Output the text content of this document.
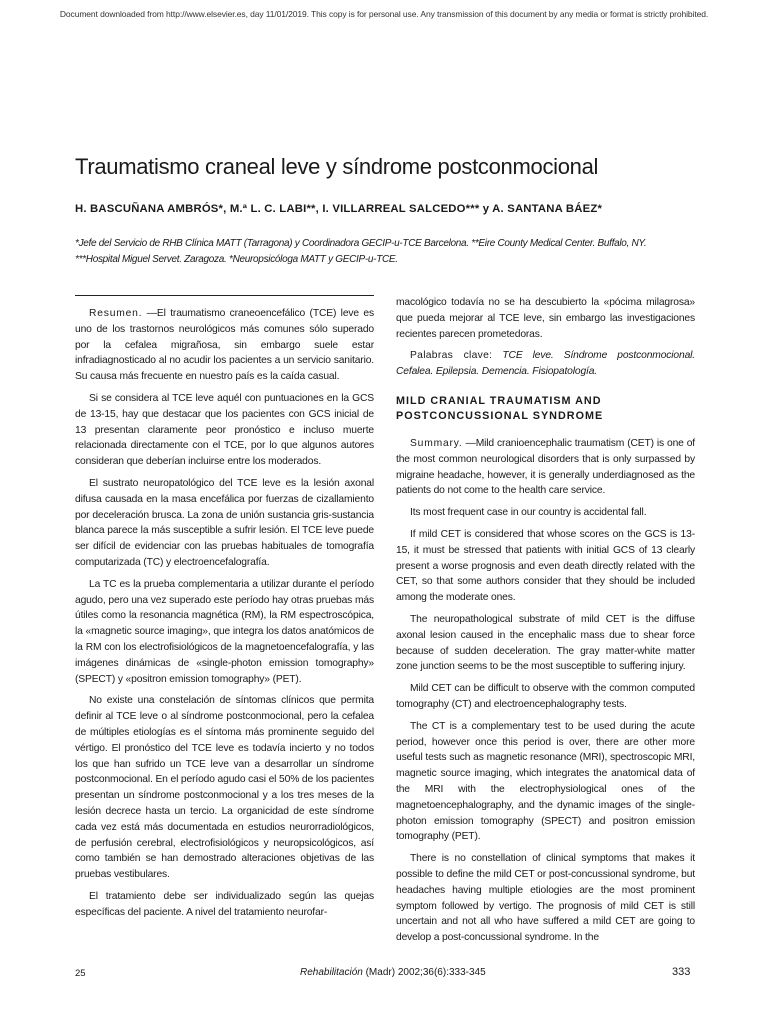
Document downloaded from http://www.elsevier.es, day 11/01/2019. This copy is for personal use. Any transmission of this document by any media or format is strictly prohibited.
Traumatismo craneal leve y síndrome postconmocional

H. BASCUÑANA AMBRÓS*, M.ª L. C. LABI**, I. VILLARREAL SALCEDO*** y A. SANTANA BÁEZ*

*Jefe del Servicio de RHB Clínica MATT (Tarragona) y Coordinadora GECIP-u-TCE Barcelona. **Eire County Medical Center. Buffalo, NY. ***Hospital Miguel Servet. Zaragoza. *Neuropsicóloga MATT y GECIP-u-TCE.

Resumen. —El traumatismo craneoencefálico (TCE) leve es uno de los trastornos neurológicos más comunes sólo superado por la cefalea migrañosa, sin embargo suele estar infradiagnosticado al no acudir los pacientes a un servicio sanitario. Su causa más frecuente en nuestro país es la caída casual.

Si se considera al TCE leve aquél con puntuaciones en la GCS de 13-15, hay que destacar que los pacientes con GCS inicial de 13 presentan claramente peor pronóstico e incluso muerte relacionada directamente con el TCE, por lo que algunos autores consideran que deberían incluirse entre los moderados.

El sustrato neuropatológico del TCE leve es la lesión axonal difusa causada en la masa encefálica por fuerzas de cizallamiento por deceleración brusca. La zona de unión sustancia gris-sustancia blanca parece la más susceptible a sufrir lesión. El TCE leve puede ser difícil de evidenciar con las pruebas habituales de tomografía computarizada (TC) y electroencefalografía.

La TC es la prueba complementaria a utilizar durante el período agudo, pero una vez superado este período hay otras pruebas más útiles como la resonancia magnética (RM), la RM espectroscópica, la «magnetic source imaging», que integra los datos anatómicos de la RM con los electrofisiológicos de la magnetoencefalografía, y las imágenes dinámicas de «single-photon emission tomography» (SPECT) y «positron emission tomography» (PET).

No existe una constelación de síntomas clínicos que permita definir al TCE leve o al síndrome postconmocional, pero la cefalea de múltiples etiologías es el síntoma más prominente seguido del vértigo. El pronóstico del TCE leve es todavía incierto y no todos los que han sufrido un TCE leve van a desarrollar un síndrome postconmocional. En el período agudo casi el 50% de los pacientes presentan un síndrome postconmocional y a los tres meses de la lesión decrece hasta un tercio. La organicidad de este síndrome cada vez está más documentada en estudios neurorradiológicos, de perfusión cerebral, electrofisiológicos y neuropsicológicos, así como también se han demostrado alteraciones objetivas de las pruebas vestibulares.

El tratamiento debe ser individualizado según las quejas específicas del paciente. A nivel del tratamiento neurofar-

macológico todavía no se ha descubierto la «pócima milagrosa» que pueda mejorar al TCE leve, sin embargo las investigaciones recientes parecen prometedoras.

Palabras clave: TCE leve. Síndrome postconmocional. Cefalea. Epilepsia. Demencia. Fisiopatología.

MILD CRANIAL TRAUMATISM AND POSTCONCUSSIONAL SYNDROME

Summary. —Mild cranioencephalic traumatism (CET) is one of the most common neurological disorders that is only surpassed by migraine headache, however, it is generally underdiagnosed as the patients do not come to the health care service.

Its most frequent case in our country is accidental fall.

If mild CET is considered that whose scores on the GCS is 13-15, it must be stressed that patients with initial GCS of 13 clearly present a worse prognosis and even death directly related with the CET, so that some authors consider that they should be included among the moderate ones.

The neuropathological substrate of mild CET is the diffuse axonal lesion caused in the encephalic mass due to shear force because of sudden deceleration. The gray matter-white matter zone junction seems to be the most susceptible to suffering injury.

Mild CET can be difficult to observe with the common computed tomography (CT) and electroencephalography tests.

The CT is a complementary test to be used during the acute period, however once this period is over, there are other more useful tests such as magnetic resonance (MRI), spectroscopic MRI, magnetic source imaging, which integrates the anatomical data of the MRI with the electrophysiological ones of the magnetoencephalography, and the dynamic images of the single-photon emission tomography (SPECT) and positron emission tomography (PET).

There is no constellation of clinical symptoms that makes it possible to define the mild CET or post-concussional syndrome, but headaches having multiple etiologies are the most prominent symptom followed by vertigo. The prognosis of mild CET is still uncertain and not all who have suffered a mild CET are going to develop a post-concussional syndrome. In the

25	Rehabilitación (Madr) 2002;36(6):333-345	333
